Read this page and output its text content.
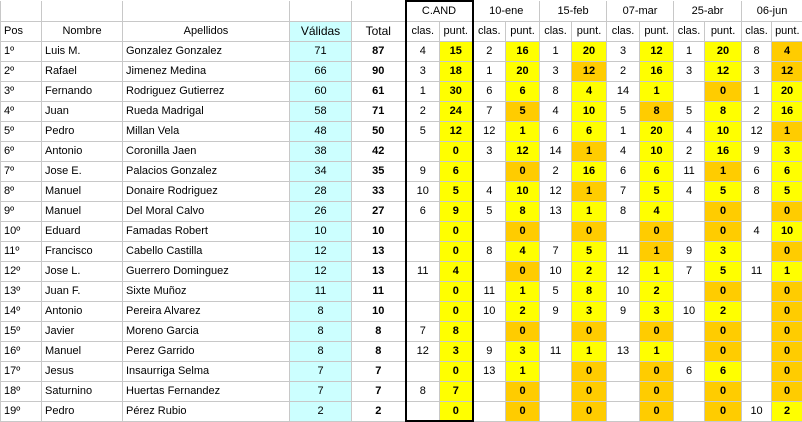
					C.AND		10-ene		15-feb		07-mar		25-abr		06-jun	
Pos	Nombre	Apellidos	Válidas	Total	clas.	punt.	clas.	punt.	clas.	punt.	clas.	punt.	clas.	punt.	clas.	punt.
1º	Luis M.	Gonzalez Gonzalez	71	87	4	15	2	16	1	20	3	12	1	20	8	4
2º	Rafael	Jimenez Medina	66	90	3	18	1	20	3	12	2	16	3	12	3	12
3º	Fernando	Rodriguez Gutierrez	60	61	1	30	6	6	8	4	14	1		0	1	20
4º	Juan	Rueda Madrigal	58	71	2	24	7	5	4	10	5	8	5	8	2	16
5º	Pedro	Millan Vela	48	50	5	12	12	1	6	6	1	20	4	10	12	1
6º	Antonio	Coronilla Jaen	38	42		0	3	12	14	1	4	10	2	16	9	3
7º	Jose E.	Palacios Gonzalez	34	35	9	6		0	2	16	6	6	11	1	6	6
8º	Manuel	Donaire Rodriguez	28	33	10	5	4	10	12	1	7	5	4	5	8	5
9º	Manuel	Del Moral Calvo	26	27	6	9	5	8	13	1	8	4		0		0
10º	Eduard	Famadas Robert	10	10		0		0		0		0		0	4	10
11º	Francisco	Cabello Castilla	12	13		0	8	4	7	5	11	1	9	3		0
12º	Jose L.	Guerrero Dominguez	12	13	11	4		0	10	2	12	1	7	5	11	1
13º	Juan F.	Sixte Muñoz	11	11		0	11	1	5	8	10	2		0		0
14º	Antonio	Pereira Alvarez	8	10		0	10	2	9	3	9	3	10	2		0
15º	Javier	Moreno Garcia	8	8	7	8		0		0		0		0		0
16º	Manuel	Perez Garrido	8	8	12	3	9	3	11	1	13	1		0		0
17º	Jesus	Insaurriga Selma	7	7		0	13	1		0		0	6	6		0
18º	Saturnino	Huertas Fernandez	7	7	8	7		0		0		0		0		0
19º	Pedro	Pérez Rubio	2	2		0		0		0		0		0	10	2
